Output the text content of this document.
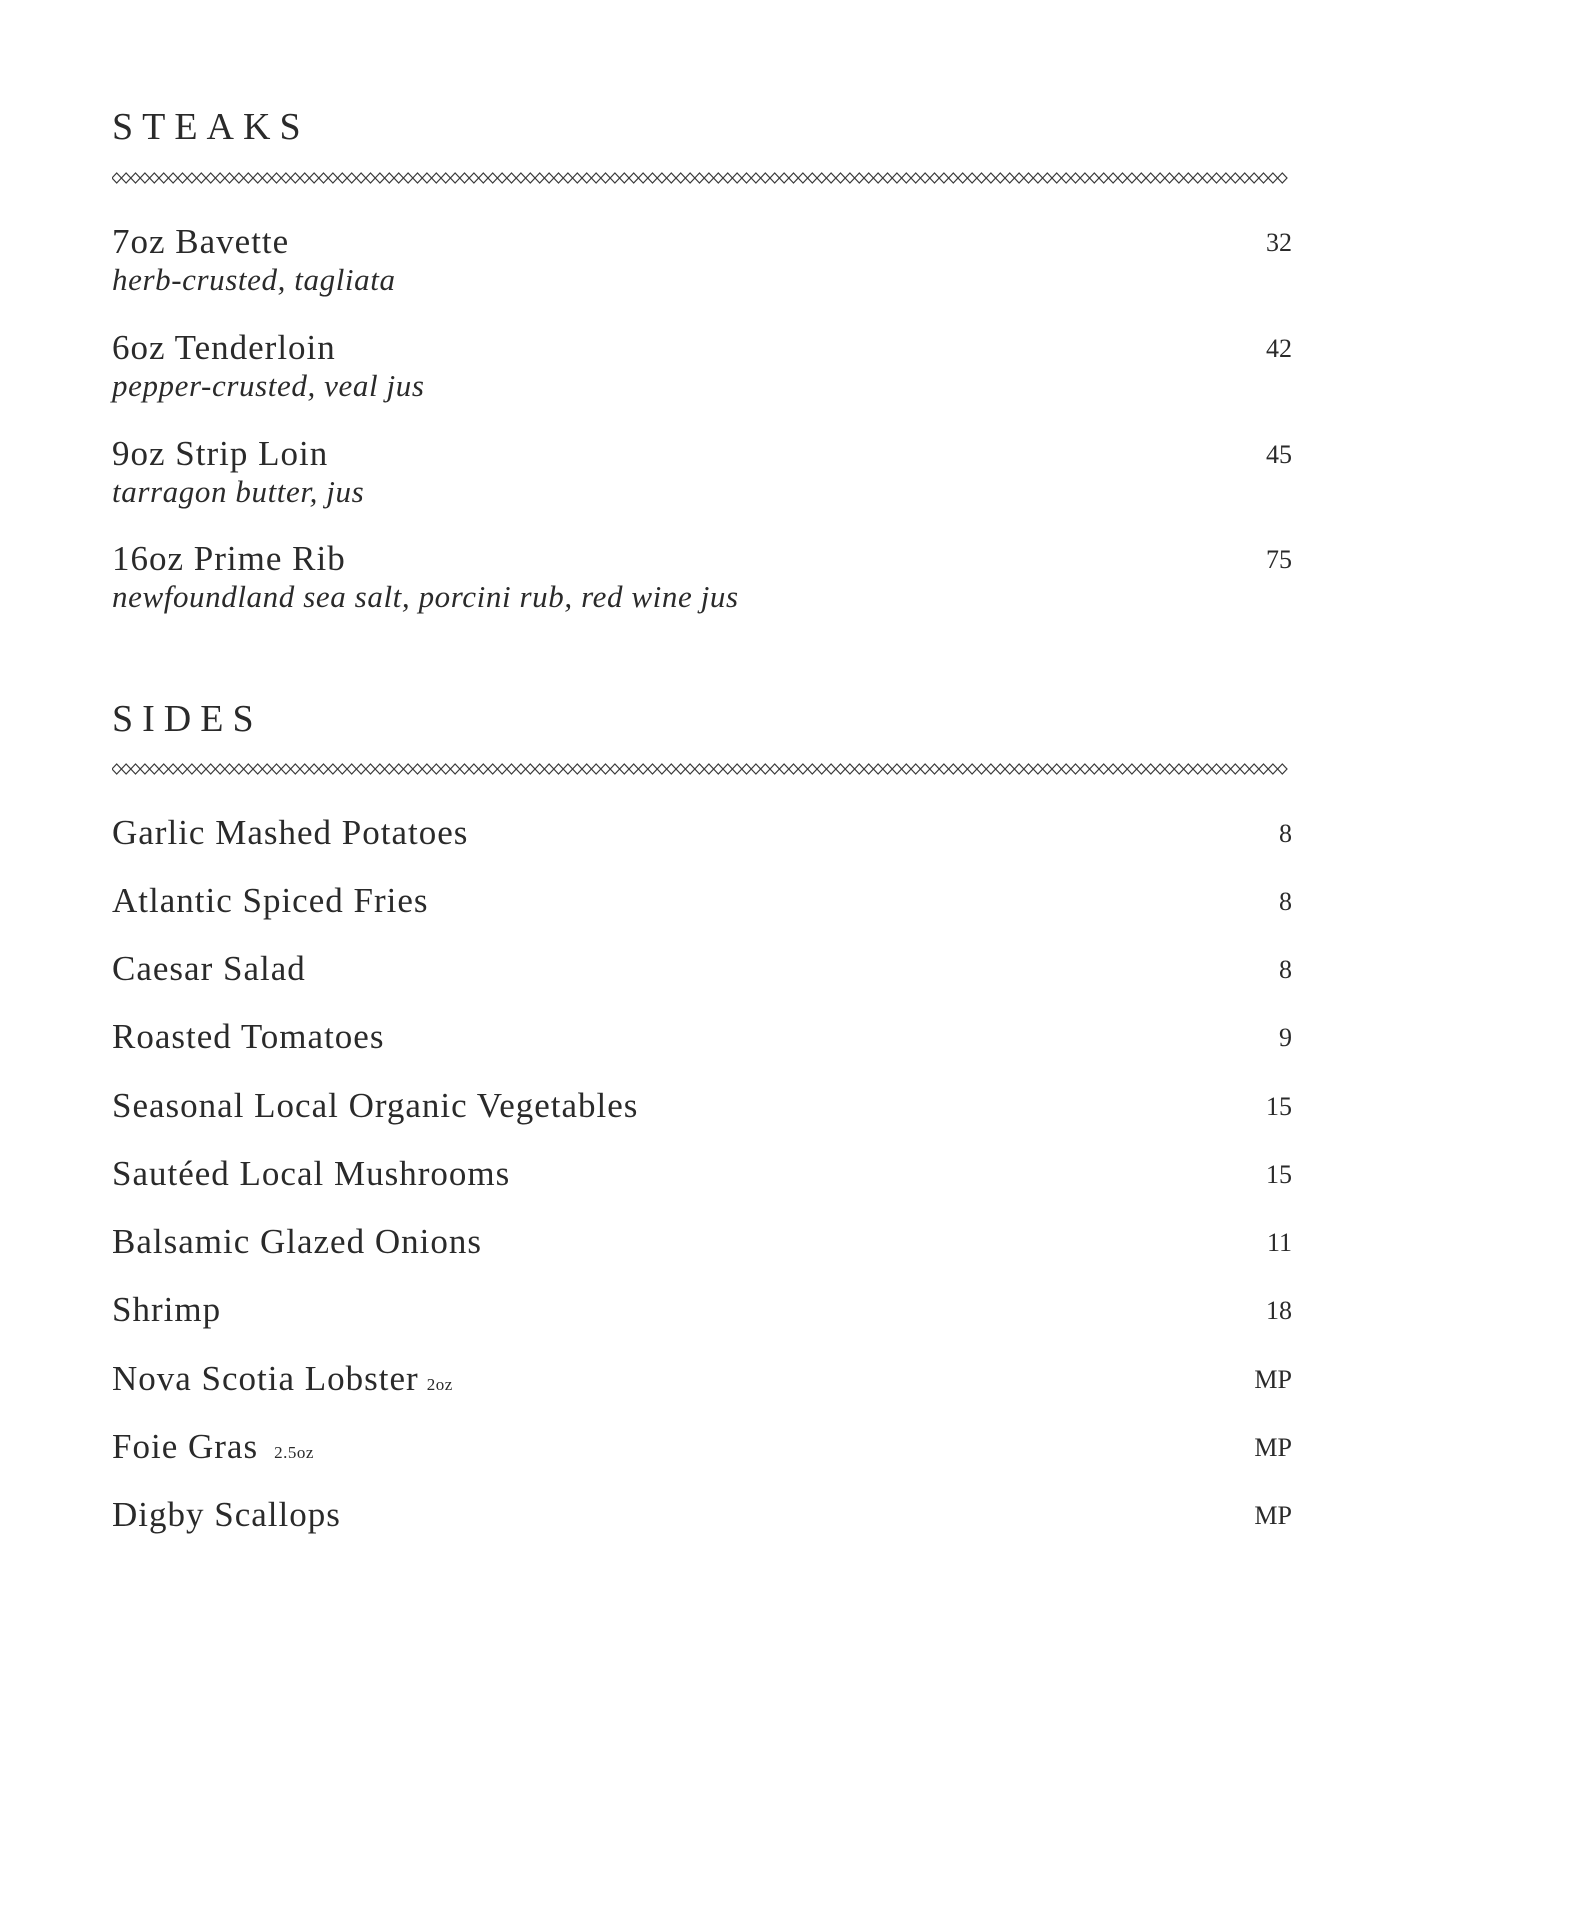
STEAKS
7oz Bavette
herb-crusted, tagliata
32
6oz Tenderloin
pepper-crusted, veal jus
42
9oz Strip Loin
tarragon butter, jus
45
16oz Prime Rib
newfoundland sea salt, porcini rub, red wine jus
75
SIDES
Garlic Mashed Potatoes	8
Atlantic Spiced Fries	8
Caesar Salad	8
Roasted Tomatoes	9
Seasonal Local Organic Vegetables	15
Sautéed Local Mushrooms	15
Balsamic Glazed Onions	11
Shrimp	18
Nova Scotia Lobster 2oz	MP
Foie Gras 2.5oz	MP
Digby Scallops	MP
